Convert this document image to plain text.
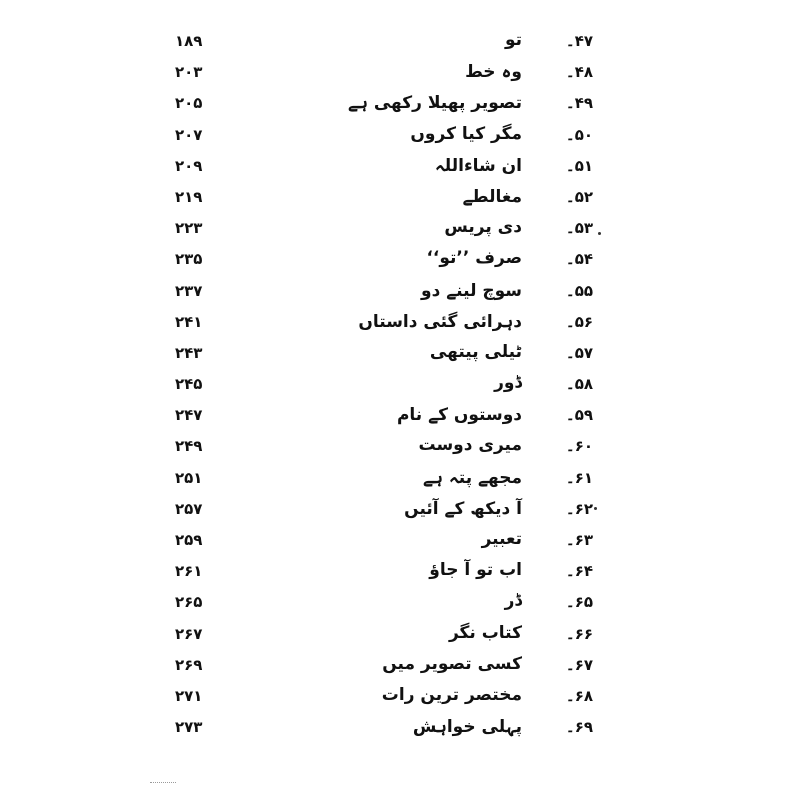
۱۸۹	تو	۴۷۔
۲۰۳	وہ خط	۴۸۔
۲۰۵	تصویر پھیلا رکھی ہے	۴۹۔
۲۰۷	مگر کیا کروں	۵۰۔
۲۰۹	ان شاءاللہ	۵۱۔
۲۱۹	مغالطے	۵۲۔
۲۲۳	دی پریس	۵۳۔
۲۳۵	صرف ’’تو‘‘	۵۴۔
۲۳۷	سوچ لینے دو	۵۵۔
۲۴۱	دہرائی گئی داستاں	۵۶۔
۲۴۳	ٹیلی پیتھی	۵۷۔
۲۴۵	ڈور	۵۸۔
۲۴۷	دوستوں کے نام	۵۹۔
۲۴۹	میری دوست	۶۰۔
۲۵۱	مجھے پتہ ہے	۶۱۔
۲۵۷	آ دیکھ کے آئیں	۶۲۔
۲۵۹	تعبیر	۶۳۔
۲۶۱	اب تو آ جاؤ	۶۴۔
۲۶۵	ڈر	۶۵۔
۲۶۷	کتاب نگر	۶۶۔
۲۶۹	کسی تصویر میں	۶۷۔
۲۷۱	مختصر ترین رات	۶۸۔
۲۷۳	پہلی خواہش	۶۹۔
